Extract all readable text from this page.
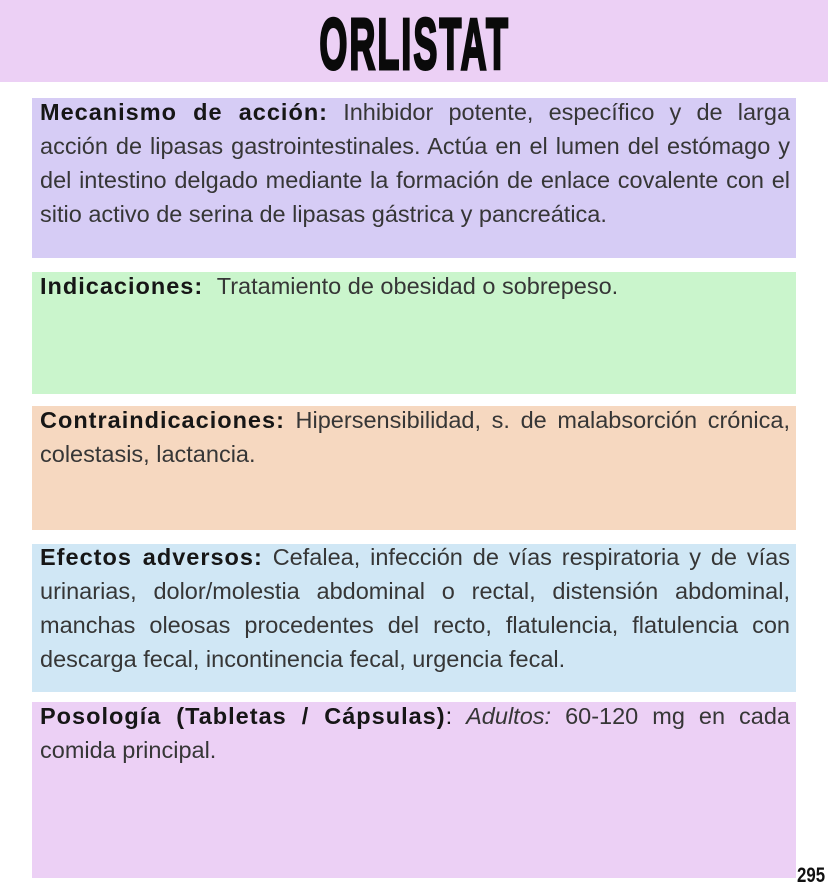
ORLISTAT

Mecanismo de acción: Inhibidor potente, específico y de larga acción de lipasas gastrointestinales. Actúa en el lumen del estómago y del intestino delgado mediante la formación de enlace covalente con el sitio activo de serina de lipasas gástrica y pancreática.

Indicaciones: Tratamiento de obesidad o sobrepeso.

Contraindicaciones: Hipersensibilidad, s. de malabsorción crónica, colestasis, lactancia.

Efectos adversos: Cefalea, infección de vías respiratoria y de vías urinarias, dolor/molestia abdominal o rectal, distensión abdominal, manchas oleosas procedentes del recto, flatulencia, flatulencia con descarga fecal, incontinencia fecal, urgencia fecal.

Posología (Tabletas / Cápsulas): Adultos: 60-120 mg en cada comida principal.

295
